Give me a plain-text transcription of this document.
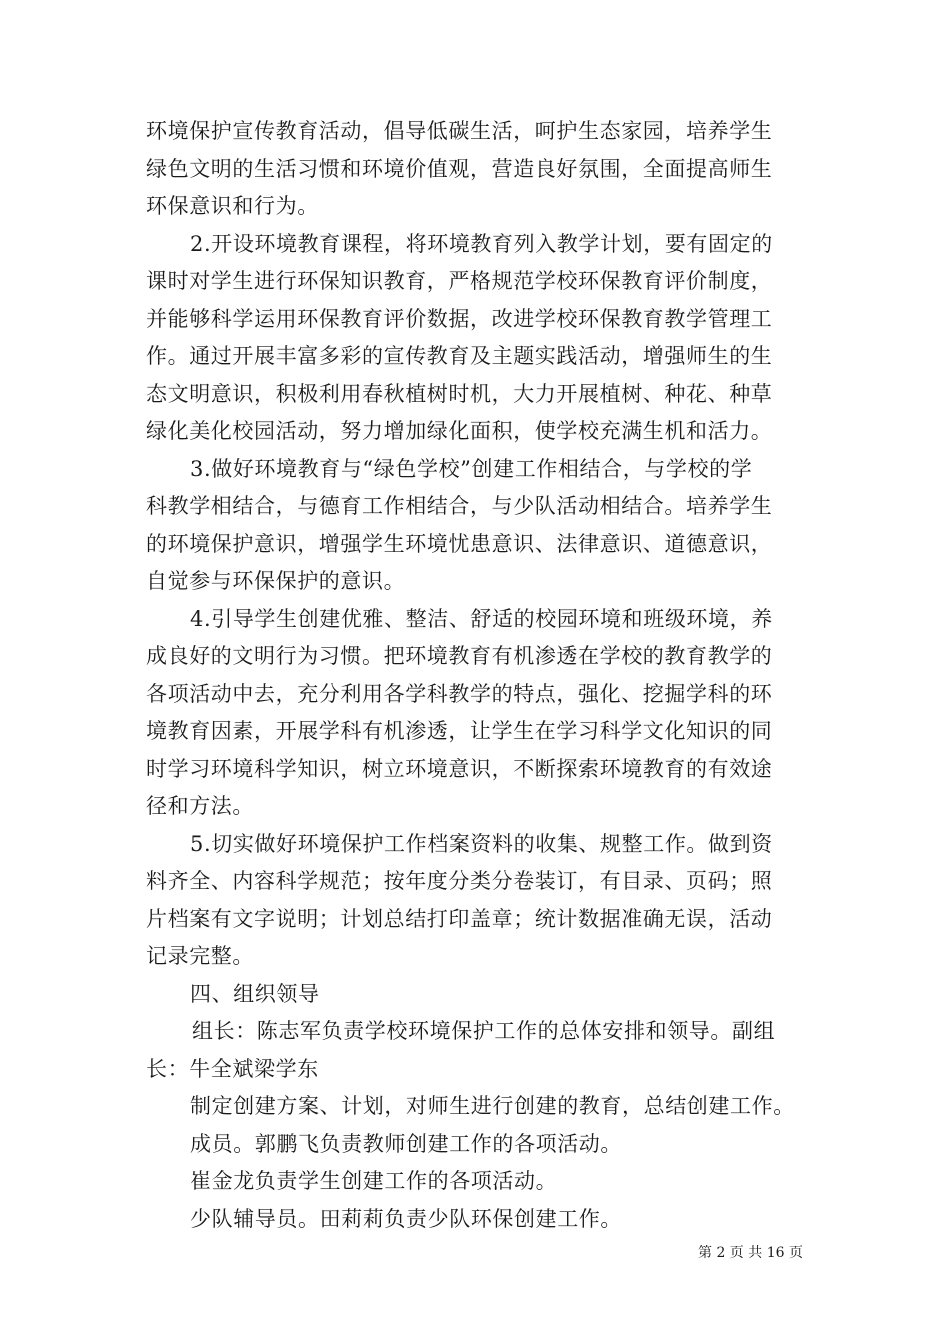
环境保护宣传教育活动，倡导低碳生活，呵护生态家园，培养学生
绿色文明的生活习惯和环境价值观，营造良好氛围，全面提高师生
环保意识和行为。
2.开设环境教育课程，将环境教育列入教学计划，要有固定的
课时对学生进行环保知识教育，严格规范学校环保教育评价制度，
并能够科学运用环保教育评价数据，改进学校环保教育教学管理工
作。通过开展丰富多彩的宣传教育及主题实践活动，增强师生的生
态文明意识，积极利用春秋植树时机，大力开展植树、种花、种草
绿化美化校园活动，努力增加绿化面积，使学校充满生机和活力。
3.做好环境教育与“绿色学校”创建工作相结合，与学校的学
科教学相结合，与德育工作相结合，与少队活动相结合。培养学生
的环境保护意识，增强学生环境忧患意识、法律意识、道德意识，
自觉参与环保保护的意识。
4.引导学生创建优雅、整洁、舒适的校园环境和班级环境，养
成良好的文明行为习惯。把环境教育有机渗透在学校的教育教学的
各项活动中去，充分利用各学科教学的特点，强化、挖掘学科的环
境教育因素，开展学科有机渗透，让学生在学习科学文化知识的同
时学习环境科学知识，树立环境意识，不断探索环境教育的有效途
径和方法。
5.切实做好环境保护工作档案资料的收集、规整工作。做到资
料齐全、内容科学规范；按年度分类分卷装订，有目录、页码；照
片档案有文字说明；计划总结打印盖章；统计数据准确无误，活动
记录完整。
四、组织领导
组长：陈志军负责学校环境保护工作的总体安排和领导。副组
长：牛全斌梁学东
制定创建方案、计划，对师生进行创建的教育，总结创建工作。
成员。郭鹏飞负责教师创建工作的各项活动。
崔金龙负责学生创建工作的各项活动。
少队辅导员。田莉莉负责少队环保创建工作。
第 2 页 共 16 页
